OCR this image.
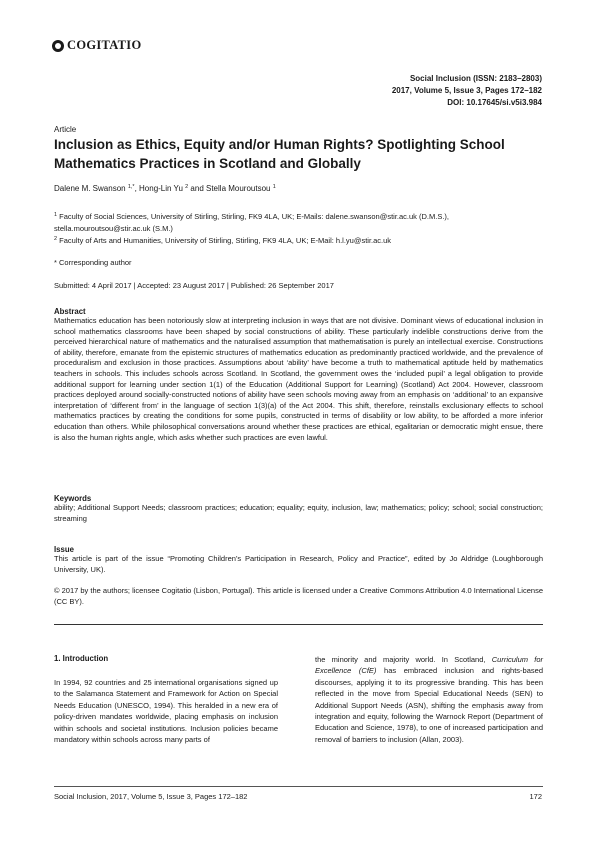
COGITATIO
Social Inclusion (ISSN: 2183–2803)
2017, Volume 5, Issue 3, Pages 172–182
DOI: 10.17645/si.v5i3.984
Article
Inclusion as Ethics, Equity and/or Human Rights? Spotlighting School Mathematics Practices in Scotland and Globally
Dalene M. Swanson $^{1,*}$, Hong-Lin Yu $^2$ and Stella Mouroutsou $^1$
$^1$ Faculty of Social Sciences, University of Stirling, Stirling, FK9 4LA, UK; E-Mails: dalene.swanson@stir.ac.uk (D.M.S.), stella.mouroutsou@stir.ac.uk (S.M.)
$^2$ Faculty of Arts and Humanities, University of Stirling, Stirling, FK9 4LA, UK; E-Mail: h.l.yu@stir.ac.uk
* Corresponding author
Submitted: 4 April 2017 | Accepted: 23 August 2017 | Published: 26 September 2017
Abstract
Mathematics education has been notoriously slow at interpreting inclusion in ways that are not divisive. Dominant views of educational inclusion in school mathematics classrooms have been shaped by social constructions of ability. These particularly indelible constructions derive from the perceived hierarchical nature of mathematics and the naturalised assumption that mathematisation is purely an intellectual exercise. Constructions of ability, therefore, emanate from the epistemic structures of mathematics education as predominantly practiced worldwide, and the prevalence of proceduralism and exclusion in those practices. Assumptions about ‘ability’ have become a truth to mathematical aptitude held by mathematics teachers in schools. This includes schools across Scotland. In Scotland, the government owes the ‘included pupil’ a legal obligation to provide additional support for learning under section 1(1) of the Education (Additional Support for Learning) (Scotland) Act 2004. However, classroom practices deployed around socially-constructed notions of ability have seen schools moving away from an emphasis on ‘additional’ to an expansive interpretation of ‘different from’ in the language of section 1(3)(a) of the Act 2004. This shift, therefore, reinstalls exclusionary effects to school mathematics practices by creating the conditions for some pupils, constructed in terms of disability or low ability, to be afforded a more inferior education than others. While philosophical conversations around whether these practices are ethical, egalitarian or democratic might ensue, there is also the human rights angle, which asks whether such practices are even lawful.
Keywords
ability; Additional Support Needs; classroom practices; education; equality; equity, inclusion, law; mathematics; policy; school; social construction; streaming
Issue
This article is part of the issue “Promoting Children’s Participation in Research, Policy and Practice”, edited by Jo Aldridge (Loughborough University, UK).
© 2017 by the authors; licensee Cogitatio (Lisbon, Portugal). This article is licensed under a Creative Commons Attribution 4.0 International License (CC BY).
1. Introduction

In 1994, 92 countries and 25 international organisations signed up to the Salamanca Statement and Framework for Action on Special Needs Education (UNESCO, 1994). This heralded in a new era of policy-driven mandates worldwide, placing emphasis on inclusion within schools and societal institutions. Inclusion policies became mandatory within schools across many parts of

the minority and majority world. In Scotland, Curriculum for Excellence (CfE) has embraced inclusion and rights-based discourses, applying it to its progressive branding. This has been reflected in the move from Special Educational Needs (SEN) to Additional Support Needs (ASN), shifting the emphasis away from integration and equity, following the Warnock Report (Department of Education and Science, 1978), to one of increased participation and removal of barriers to inclusion (Allan, 2003).

Social Inclusion, 2017, Volume 5, Issue 3, Pages 172–182	172
